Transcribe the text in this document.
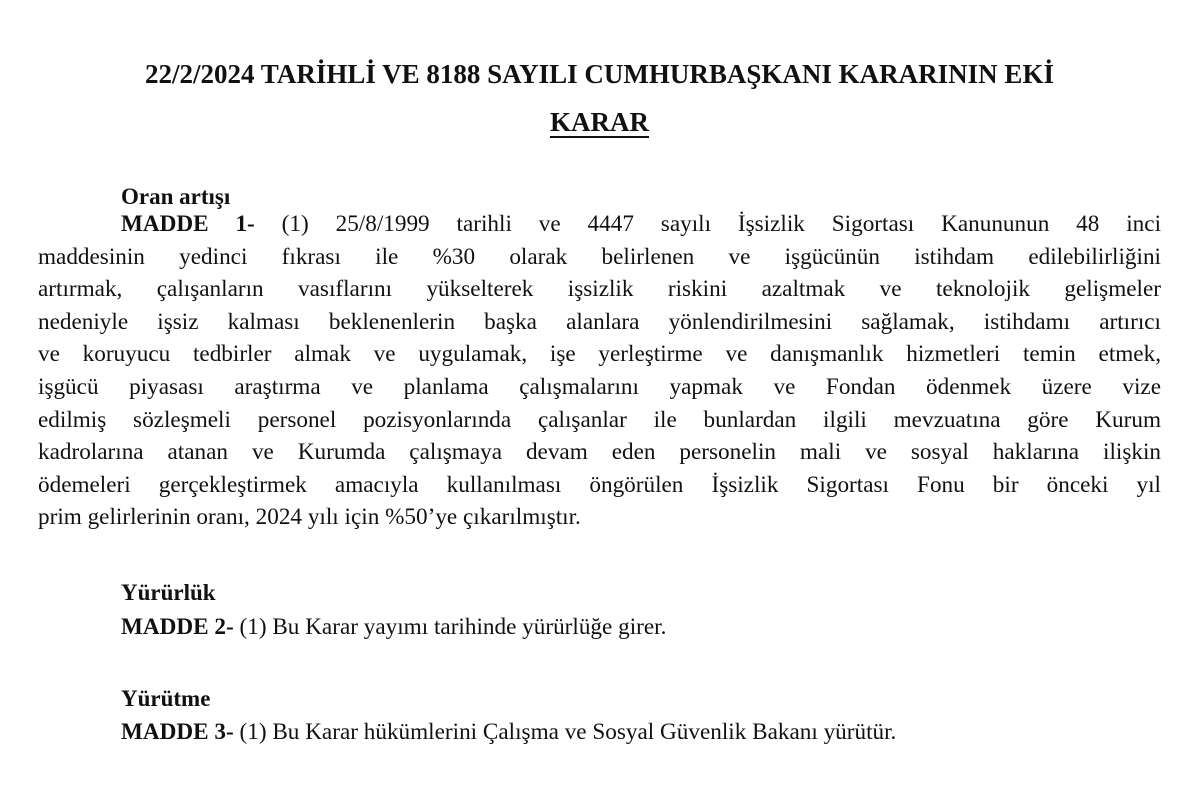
22/2/2024 TARİHLİ VE 8188 SAYILI CUMHURBAŞKANI KARARININ EKİ
KARAR
Oran artışı
MADDE 1- (1) 25/8/1999 tarihli ve 4447 sayılı İşsizlik Sigortası Kanununun 48 inci
maddesinin yedinci fıkrası ile %30 olarak belirlenen ve işgücünün istihdam edilebilirliğini
artırmak, çalışanların vasıflarını yükselterek işsizlik riskini azaltmak ve teknolojik gelişmeler
nedeniyle işsiz kalması beklenenlerin başka alanlara yönlendirilmesini sağlamak, istihdamı artırıcı
ve koruyucu tedbirler almak ve uygulamak, işe yerleştirme ve danışmanlık hizmetleri temin etmek,
işgücü piyasası araştırma ve planlama çalışmalarını yapmak ve Fondan ödenmek üzere vize
edilmiş sözleşmeli personel pozisyonlarında çalışanlar ile bunlardan ilgili mevzuatına göre Kurum
kadrolarına atanan ve Kurumda çalışmaya devam eden personelin mali ve sosyal haklarına ilişkin
ödemeleri gerçekleştirmek amacıyla kullanılması öngörülen İşsizlik Sigortası Fonu bir önceki yıl
prim gelirlerinin oranı, 2024 yılı için %50’ye çıkarılmıştır.
Yürürlük
MADDE 2- (1) Bu Karar yayımı tarihinde yürürlüğe girer.
Yürütme
MADDE 3- (1) Bu Karar hükümlerini Çalışma ve Sosyal Güvenlik Bakanı yürütür.
